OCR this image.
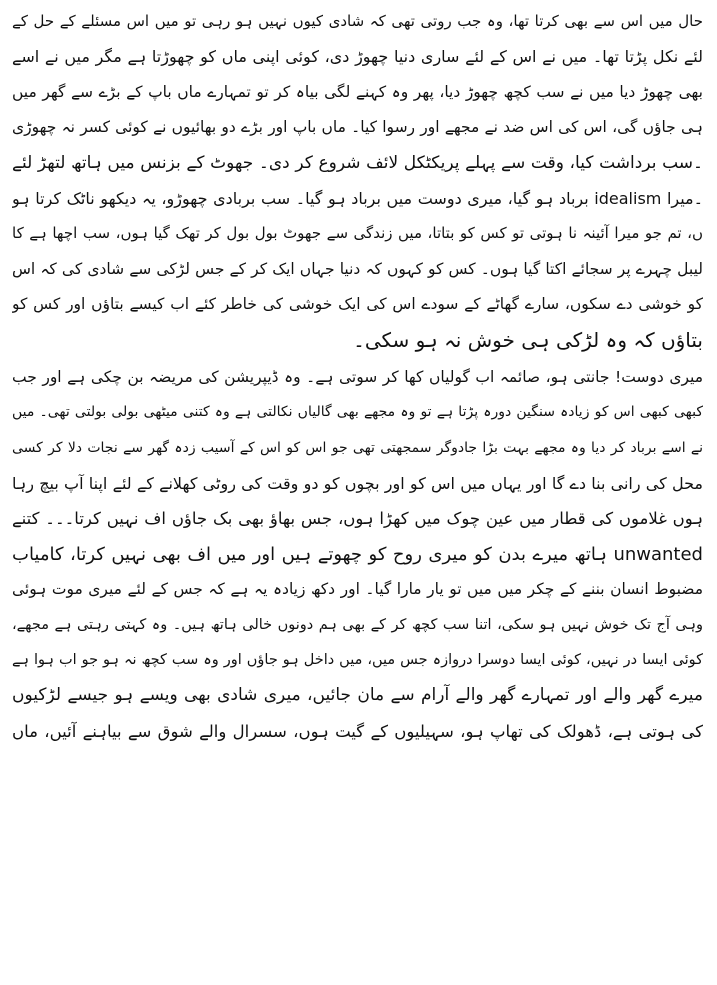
حال میں اس سے بھی کرتا تھا، وہ جب روتی تھی کہ شادی کیوں نہیں ہو رہی تو میں اس مسئلے کے حل کے
لئے نکل پڑتا تھا۔ میں نے اس کے لئے ساری دنیا چھوڑ دی، کوئی اپنی ماں کو چھوڑتا ہے مگر میں نے اسے
بھی چھوڑ دیا میں نے سب کچھ چھوڑ دیا، پھر وہ کہنے لگی بیاہ کر تو تمہارے ماں باپ کے بڑے سے گھر میں
ہی جاؤں گی، اس کی اس ضد نے مجھے اور رسوا کیا۔ ماں باپ اور بڑے دو بھائیوں نے کوئی کسر نہ چھوڑی
۔سب برداشت کیا، وقت سے پہلے پریکٹکل لائف شروع کر دی۔ جھوٹ کے بزنس میں ہاتھ لتھڑ لئے
۔میرا idealism برباد ہو گیا، میری دوست میں برباد ہو گیا۔ سب بربادی چھوڑو، یہ دیکھو ناٹک کرتا ہو
ں، تم جو میرا آئینہ نا ہوتی تو کس کو بتاتا، میں زندگی سے جھوٹ بول بول کر تھک گیا ہوں، سب اچھا ہے کا
لیبل چہرے پر سجائے اکتا گیا ہوں۔ کس کو کہوں کہ دنیا جہاں ایک کر کے جس لڑکی سے شادی کی کہ اس
کو خوشی دے سکوں، سارے گھاٹے کے سودے اس کی ایک خوشی کی خاطر کئے اب کیسے بتاؤں اور کس کو
بتاؤں کہ وہ لڑکی ہی خوش نہ ہو سکی۔
میری دوست! جانتی ہو، صائمہ اب گولیاں کھا کر سوتی ہے۔ وہ ڈیپریشن کی مریضہ بن چکی ہے اور جب
کبھی کبھی اس کو زیادہ سنگین دورہ پڑتا ہے تو وہ مجھے بھی گالیاں نکالتی ہے وہ کتنی میٹھی بولی بولتی تھی۔ میں
نے اسے برباد کر دیا وہ مجھے بہت بڑا جادوگر سمجھتی تھی جو اس کو اس کے آسیب زدہ گھر سے نجات دلا کر کسی
محل کی رانی بنا دے گا اور یہاں میں اس کو اور بچوں کو دو وقت کی روٹی کھلانے کے لئے اپنا آپ بیچ رہا
ہوں غلاموں کی قطار میں عین چوک میں کھڑا ہوں، جس بھاؤ بھی بک جاؤں اف نہیں کرتا۔۔۔ کتنے
unwanted ہاتھ میرے بدن کو میری روح کو چھوتے ہیں اور میں اف بھی نہیں کرتا، کامیاب
مضبوط انسان بننے کے چکر میں میں تو یار مارا گیا۔ اور دکھ زیادہ یہ ہے کہ جس کے لئے میری موت ہوئی
وہی آج تک خوش نہیں ہو سکی، اتنا سب کچھ کر کے بھی ہم دونوں خالی ہاتھ ہیں۔ وہ کہتی رہتی ہے مجھے،
کوئی ایسا در نہیں، کوئی ایسا دوسرا دروازہ جس میں، میں داخل ہو جاؤں اور وہ سب کچھ نہ ہو جو اب ہوا ہے
میرے گھر والے اور تمہارے گھر والے آرام سے مان جائیں، میری شادی بھی ویسے ہو جیسے لڑکیوں
کی ہوتی ہے، ڈھولک کی تھاپ ہو، سہیلیوں کے گیت ہوں، سسرال والے شوق سے بیاہنے آئیں، ماں
